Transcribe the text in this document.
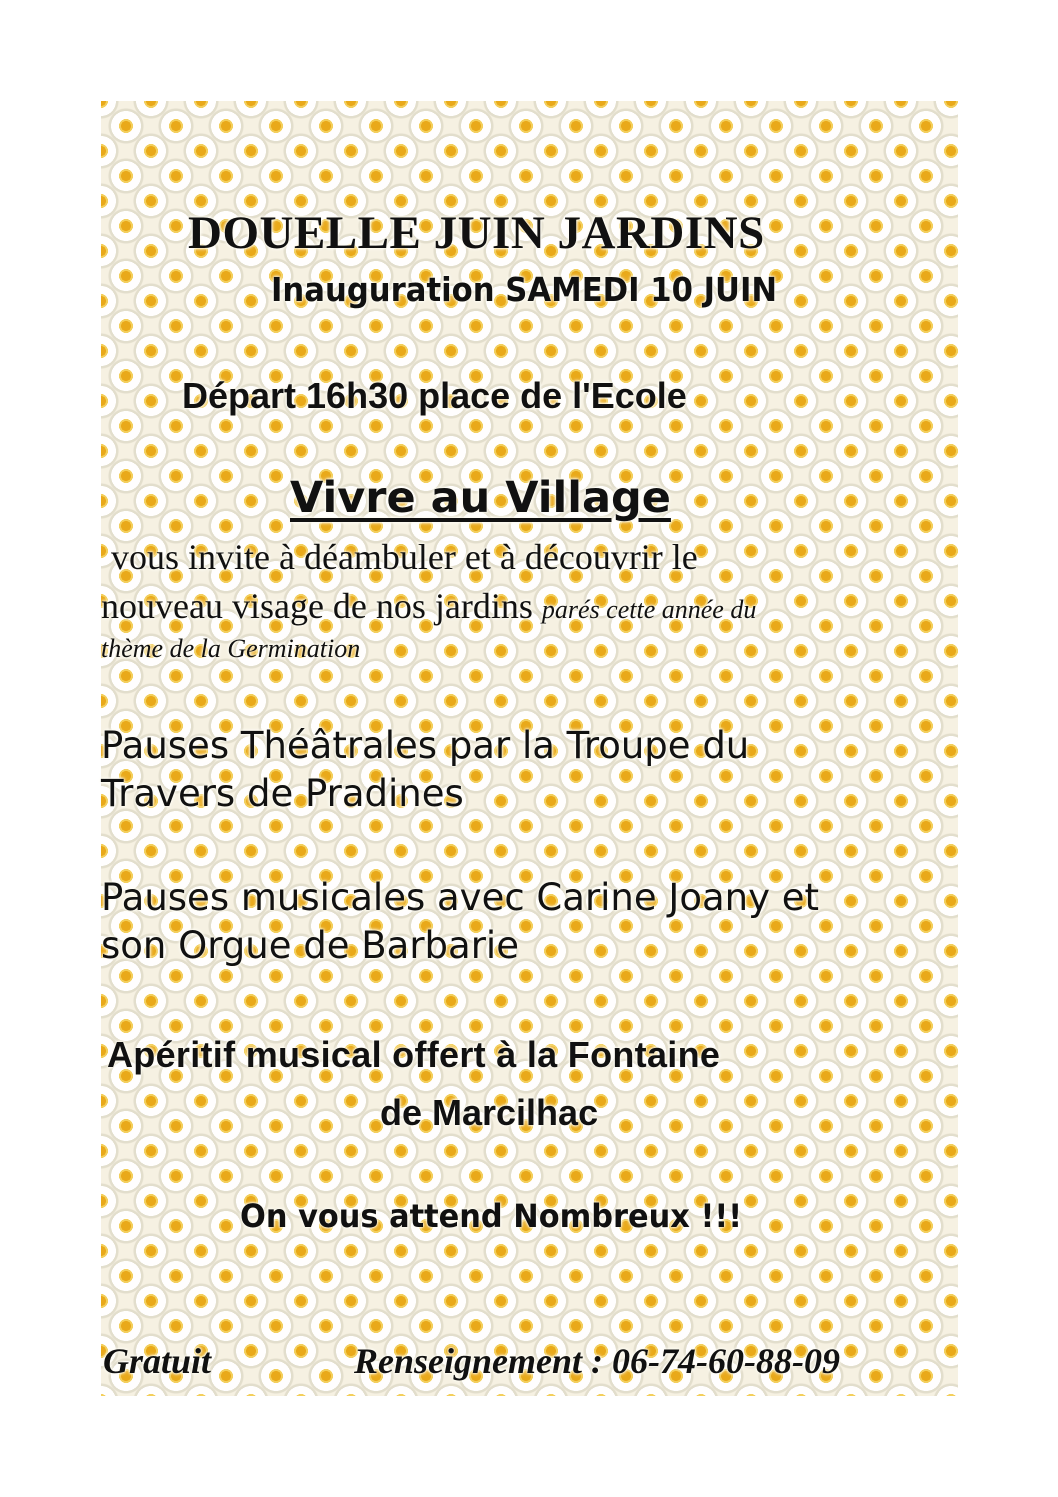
DOUELLE JUIN JARDINS

Inauguration SAMEDI 10 JUIN

Départ 16h30 place de l'Ecole

Vivre au Village

vous invite à déambuler et à découvrir le

nouveau visage de nos jardins parés cette année du

thème de la Germination

Pauses Théâtrales par la Troupe du

Travers de Pradines

Pauses musicales avec Carine Joany et

son Orgue de Barbarie

Apéritif musical offert à la Fontaine

de Marcilhac

On vous attend Nombreux !!!

Gratuit	Renseignement : 06-74-60-88-09
